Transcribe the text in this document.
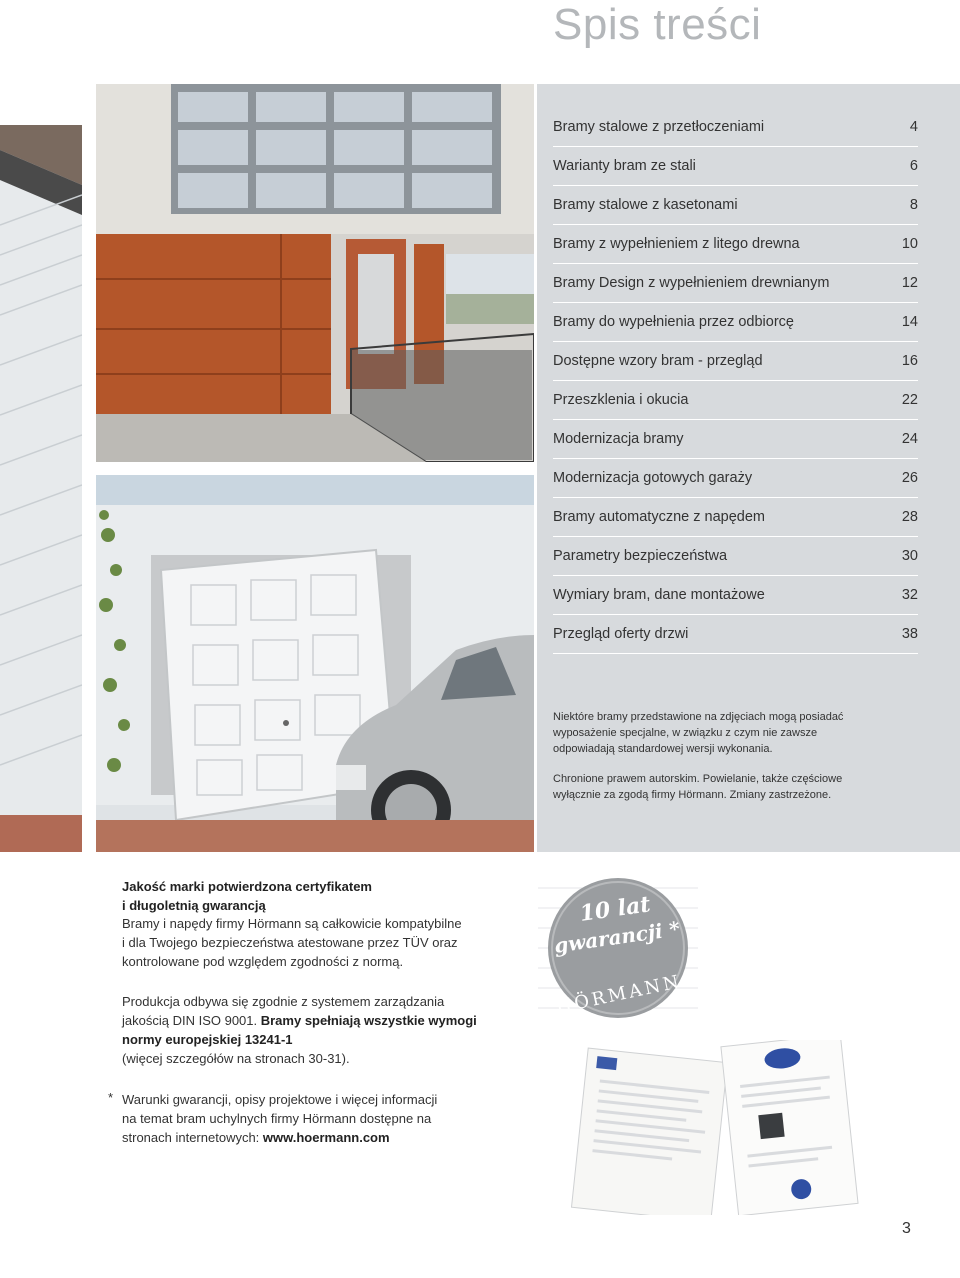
Spis treści
Bramy stalowe z przetłoczeniami	4
Warianty bram ze stali	6
Bramy stalowe z kasetonami	8
Bramy z wypełnieniem z litego drewna	10
Bramy Design z wypełnieniem drewnianym	12
Bramy do wypełnienia przez odbiorcę	14
Dostępne wzory bram - przegląd	16
Przeszklenia i okucia	22
Modernizacja bramy	24
Modernizacja gotowych garaży	26
Bramy automatyczne z napędem	28
Parametry bezpieczeństwa	30
Wymiary bram, dane montażowe	32
Przegląd oferty drzwi	38

Niektóre bramy przedstawione na zdjęciach mogą posiadać
wyposażenie specjalne, w związku z czym nie zawsze
odpowiadają standardowej wersji wykonania.

Chronione prawem autorskim. Powielanie, także częściowe
wyłącznie za zgodą firmy Hörmann. Zmiany zastrzeżone.

Jakość marki potwierdzona certyfikatem
i długoletnią gwarancją

Bramy i napędy firmy Hörmann są całkowicie kompatybilne
i dla Twojego bezpieczeństwa atestowane przez TÜV oraz
kontrolowane pod względem zgodności z normą.

Produkcja odbywa się zgodnie z systemem zarządzania
jakością DIN ISO 9001. Bramy spełniają wszystkie wymogi
normy europejskiej 13241-1
(więcej szczegółów na stronach 30-31).

* Warunki gwarancji, opisy projektowe i więcej informacji
na temat bram uchylnych firmy Hörmann dostępne na
stronach internetowych: www.hoermann.com

10 lat
gwarancji *
HÖRMANN

3
